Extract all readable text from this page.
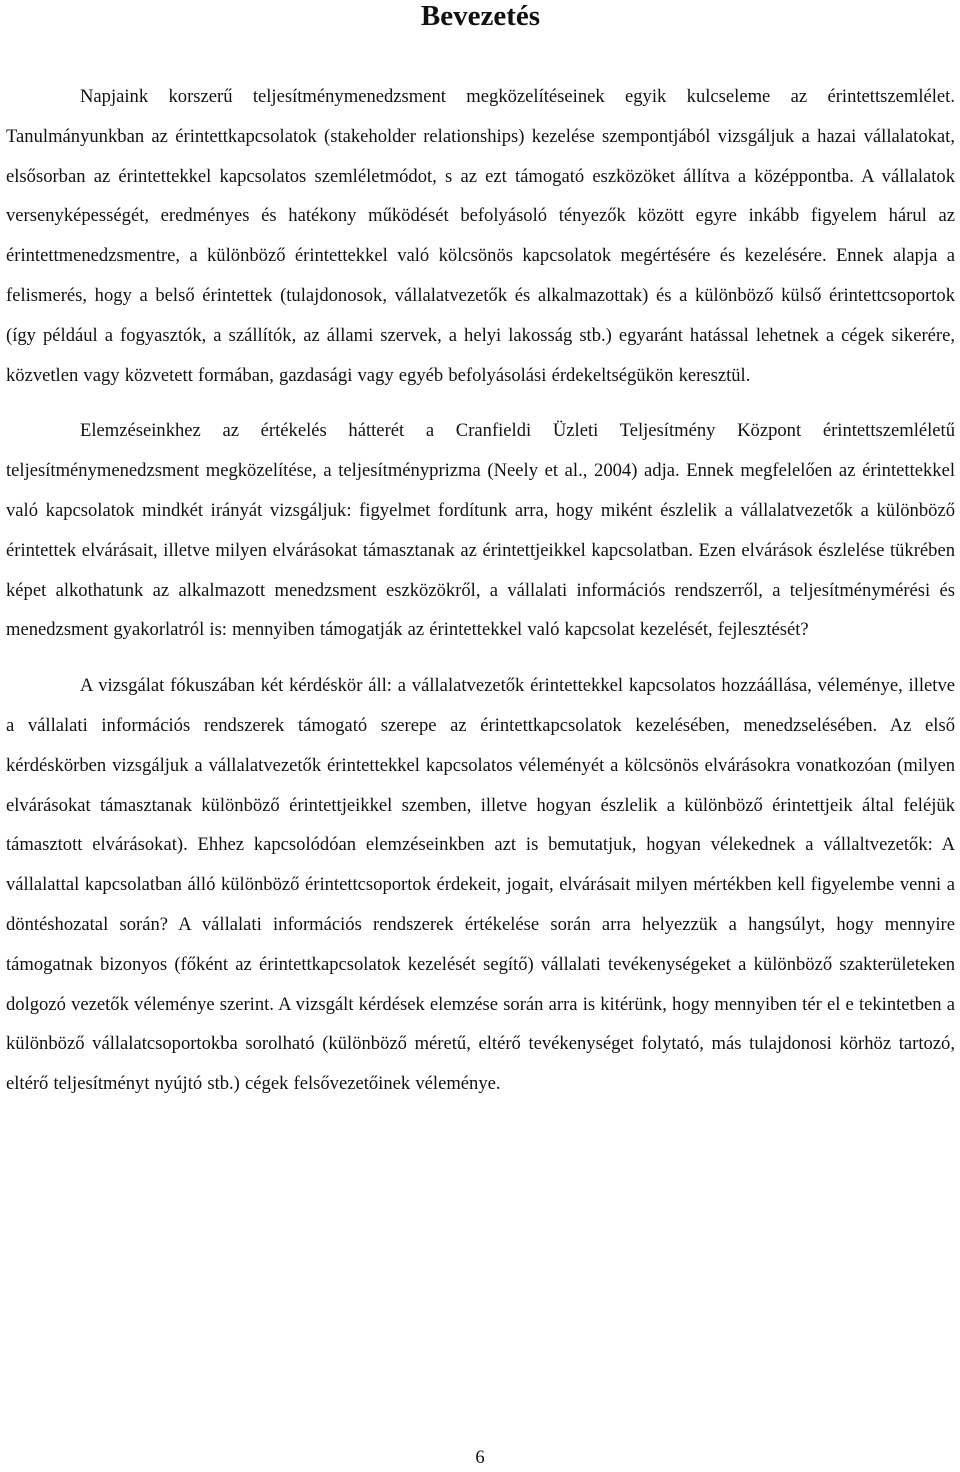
Bevezetés

Napjaink korszerű teljesítménymenedzsment megközelítéseinek egyik kulcseleme az érintettszemlélet. Tanulmányunkban az érintettkapcsolatok (stakeholder relationships) kezelése szempontjából vizsgáljuk a hazai vállalatokat, elsősorban az érintettekkel kapcsolatos szemléletmódot, s az ezt támogató eszközöket állítva a középpontba. A vállalatok versenyképességét, eredményes és hatékony működését befolyásoló tényezők között egyre inkább figyelem hárul az érintettmenedzsmentre, a különböző érintettekkel való kölcsönös kapcsolatok megértésére és kezelésére. Ennek alapja a felismerés, hogy a belső érintettek (tulajdonosok, vállalatvezetők és alkalmazottak) és a különböző külső érintettcsoportok (így például a fogyasztók, a szállítók, az állami szervek, a helyi lakosság stb.) egyaránt hatással lehetnek a cégek sikerére, közvetlen vagy közvetett formában, gazdasági vagy egyéb befolyásolási érdekeltségükön keresztül.

Elemzéseinkhez az értékelés hátterét a Cranfieldi Üzleti Teljesítmény Központ érintettszemléletű teljesítménymenedzsment megközelítése, a teljesítményprizma (Neely et al., 2004) adja. Ennek megfelelően az érintettekkel való kapcsolatok mindkét irányát vizsgáljuk: figyelmet fordítunk arra, hogy miként észlelik a vállalatvezetők a különböző érintettek elvárásait, illetve milyen elvárásokat támasztanak az érintettjeikkel kapcsolatban. Ezen elvárások észlelése tükrében képet alkothatunk az alkalmazott menedzsment eszközökről, a vállalati információs rendszerről, a teljesítménymérési és menedzsment gyakorlatról is: mennyiben támogatják az érintettekkel való kapcsolat kezelését, fejlesztését?

A vizsgálat fókuszában két kérdéskör áll: a vállalatvezetők érintettekkel kapcsolatos hozzáállása, véleménye, illetve a vállalati információs rendszerek támogató szerepe az érintettkapcsolatok kezelésében, menedzselésében. Az első kérdéskörben vizsgáljuk a vállalatvezetők érintettekkel kapcsolatos véleményét a kölcsönös elvárásokra vonatkozóan (milyen elvárásokat támasztanak különböző érintettjeikkel szemben, illetve hogyan észlelik a különböző érintettjeik által feléjük támasztott elvárásokat). Ehhez kapcsolódóan elemzéseinkben azt is bemutatjuk, hogyan vélekednek a vállaltvezetők: A vállalattal kapcsolatban álló különböző érintettcsoportok érdekeit, jogait, elvárásait milyen mértékben kell figyelembe venni a döntéshozatal során? A vállalati információs rendszerek értékelése során arra helyezzük a hangsúlyt, hogy mennyire támogatnak bizonyos (főként az érintettkapcsolatok kezelését segítő) vállalati tevékenységeket a különböző szakterületeken dolgozó vezetők véleménye szerint. A vizsgált kérdések elemzése során arra is kitérünk, hogy mennyiben tér el e tekintetben a különböző vállalatcsoportokba sorolható (különböző méretű, eltérő tevékenységet folytató, más tulajdonosi körhöz tartozó, eltérő teljesítményt nyújtó stb.) cégek felsővezetőinek véleménye.

6
